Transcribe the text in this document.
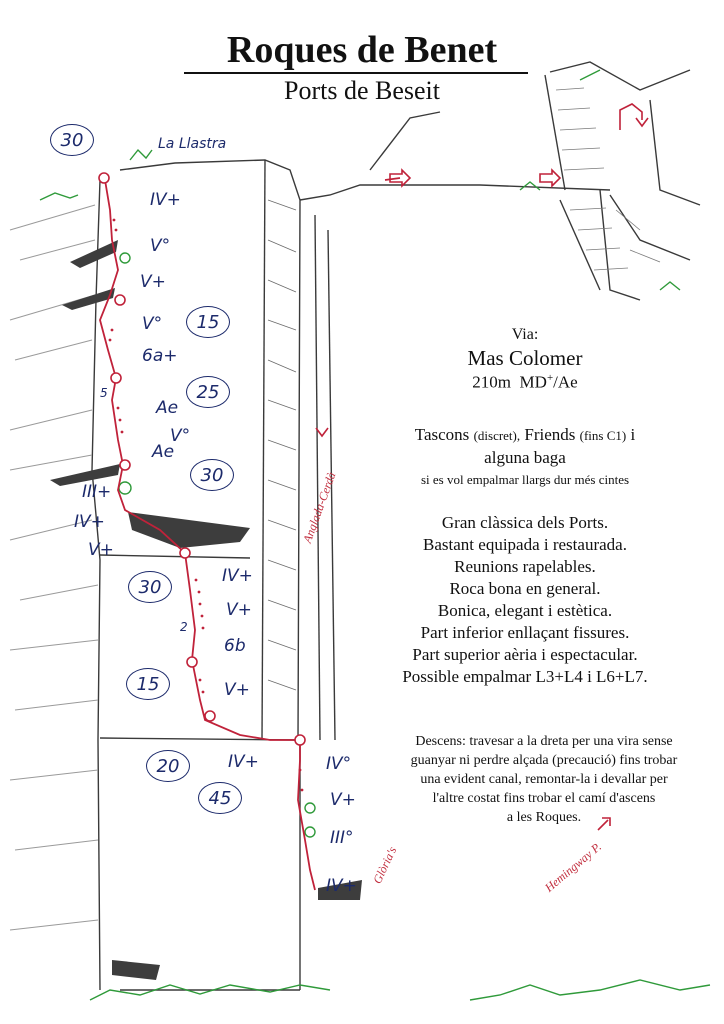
Roques de Benet
Ports de Beseit
La Llastra
30
15
25
30
30
15
20
45
IV+
V°
V+
V°
6a+
Ae
V°
Ae
III+
IV+
V+
IV+
V+
6b
V+
IV+	IV°
V+
III°
IV+
5
2
Anglada-Cerdà
Glòria's	Hemingway P.
Via:
Mas Colomer
210m MD+/Ae
Tascons (discret), Friends (fins C1) i
alguna baga
si es vol empalmar llargs dur més cintes
Gran clàssica dels Ports.
Bastant equipada i restaurada.
Reunions rapelables.
Roca bona en general.
Bonica, elegant i estètica.
Part inferior enllaçant fissures.
Part superior aèria i espectacular.
Possible empalmar L3+L4 i L6+L7.
Descens: travesar a la dreta per una vira sense
guanyar ni perdre alçada (precaució) fins trobar
una evident canal, remontar-la i devallar per
l'altre costat fins trobar el camí d'ascens
a les Roques.
